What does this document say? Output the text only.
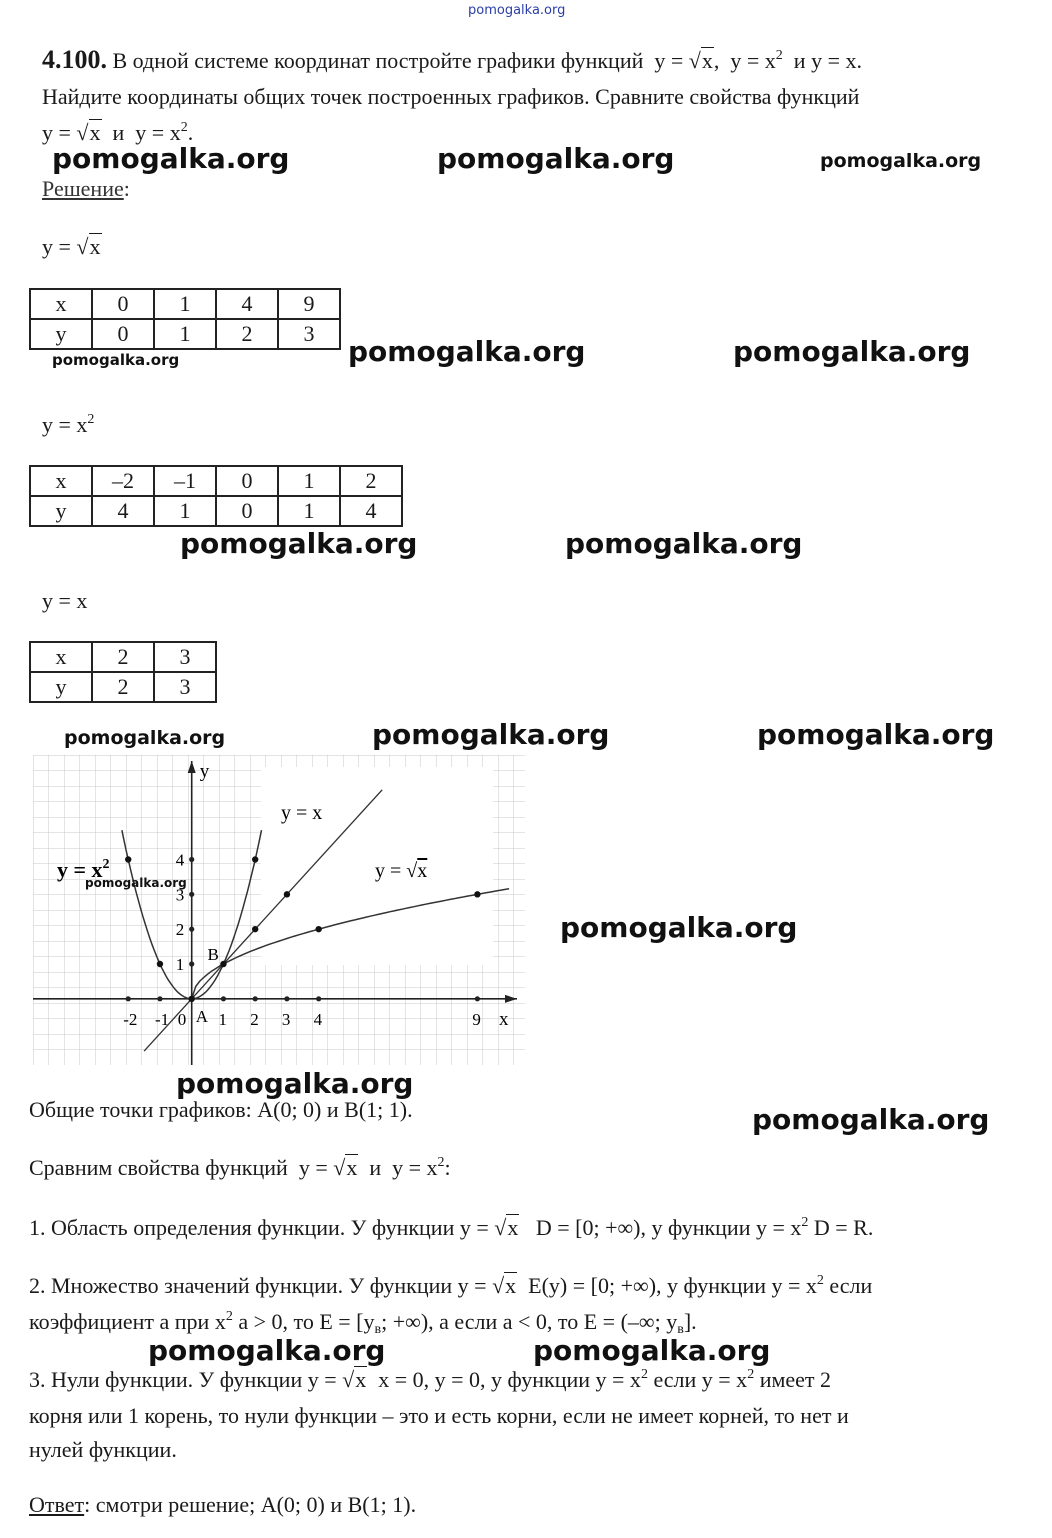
pomogalka.org
4.100. В одной системе координат постройте графики функций y = √x,  $y = x^2$ и y = x.
Найдите координаты общих точек построенных графиков. Сравните свойства функций
y = √x и $y = x^2$.
pomogalka.org	pomogalka.org	pomogalka.org
Решение:
y = √x
x	0	1	4	9
y	0	1	2	3
pomogalka.org	pomogalka.org	pomogalka.org
$y = x^2$
x	–2	–1	0	1	2
y	4	1	0	1	4
pomogalka.org	pomogalka.org
y = x
x	2	3
y	2	3
pomogalka.org	pomogalka.org	pomogalka.org
x
y
-2 -1 0 1 2 3 4	9
1
2
3
4
A
B
$y = x^2$
y = x
y = √x
pomogalka.org
pomogalka.org
pomogalka.org
pomogalka.org
Общие точки графиков: А(0; 0) и В(1; 1).
Сравним свойства функций y = √x и $y = x^2$:
1. Область определения функции. У функции y = √x D = [0; +∞), у функции $y = x^2$ D = R.
2. Множество значений функции. У функции y = √x E(y) = [0; +∞), у функции $y = x^2$ если
коэффициент a при $x^2$ a > 0, то $E = [y_в$; +∞), а если a < 0, то E = (–∞; $y_в$].
pomogalka.org	pomogalka.org
3. Нули функции. У функции y = √x x = 0, y = 0, у функции $y = x^2$ если $y = x^2$ имеет 2
корня или 1 корень, то нули функции – это и есть корни, если не имеет корней, то нет и
нулей функции.
Ответ: смотри решение; А(0; 0) и В(1; 1).
